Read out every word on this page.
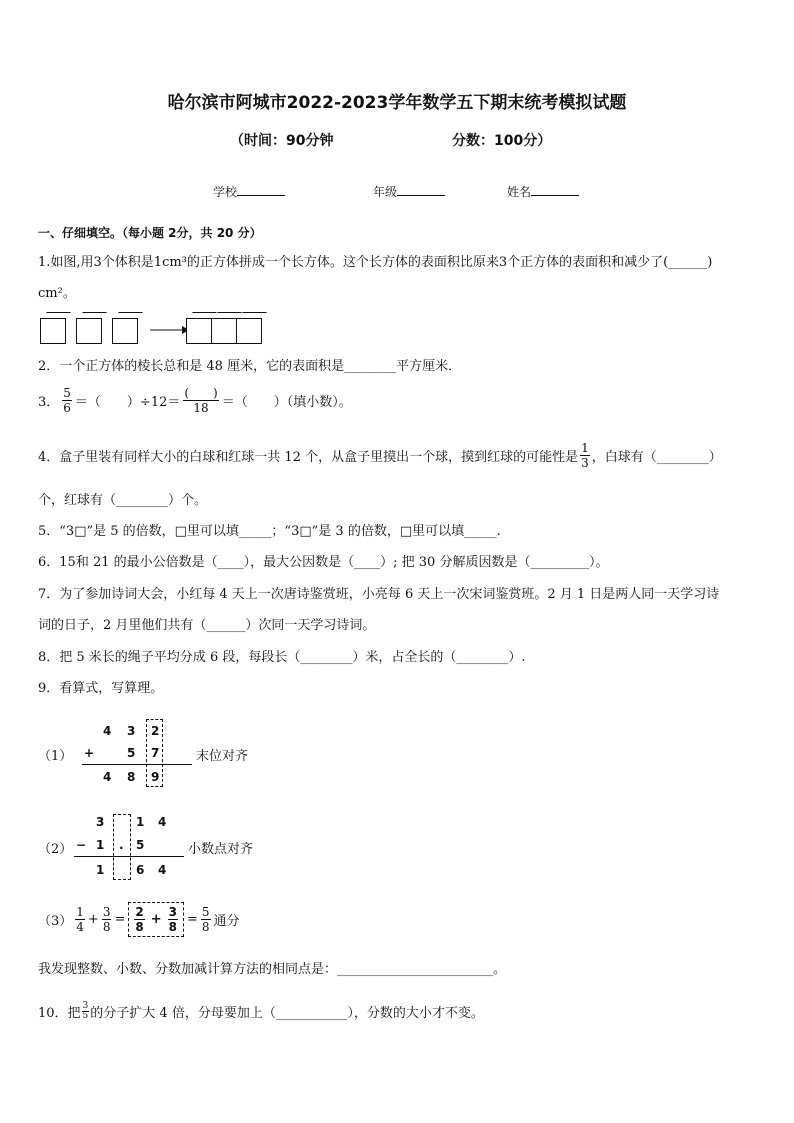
哈尔滨市阿城市2022-2023学年数学五下期末统考模拟试题
（时间：90分钟	分数：100分）
学校	年级	姓名
一、仔细填空。（每小题 2分，共 20 分）
1.如图,用3个体积是1cm³的正方体拼成一个长方体。这个长方体的表面积比原来3个正方体的表面积和减少了(______)
cm²。
2．一个正方体的棱长总和是 48 厘米，它的表面积是________平方厘米．
3． $\frac{5}{6}$ ＝（　　）$\div 12= \frac{( )}{18}$ ＝（　　）（填小数）。
4．盒子里装有同样大小的白球和红球一共 12 个，从盒子里摸出一个球，摸到红球的可能性是 $\frac{1}{3}$ ，白球有（________）
个，红球有（________）个。
5．“3□”是 5 的倍数，□里可以填_____；“3□”是 3 的倍数，□里可以填_____.
6．15和 21 的最小公倍数是（____），最大公因数是（____）; 把 30 分解质因数是（_________）。
7．为了参加诗词大会，小红每 4 天上一次唐诗鉴赏班，小亮每 6 天上一次宋词鉴赏班。2 月 1 日是两人同一天学习诗
词的日子，2 月里他们共有（______）次同一天学习诗词。
8．把 5 米长的绳子平均分成 6 段，每段长（________）米，占全长的（________）.
9．看算式，写算理。
（1）
4 3 2
+	5 7
4 8 9
末位对齐
（2）
3	1 4
− 1 . 5
1	6 4
小数点对齐
$(3) \frac{1}{4} + \frac{3}{8} = \frac{2}{8} + \frac{3}{8} = \frac{5}{8}$ 通分
我发现整数、小数、分数加减计算方法的相同点是：________________________。
10．把 $\frac{3}{5}$ 的分子扩大 4 倍，分母要加上（___________），分数的大小才不变。
